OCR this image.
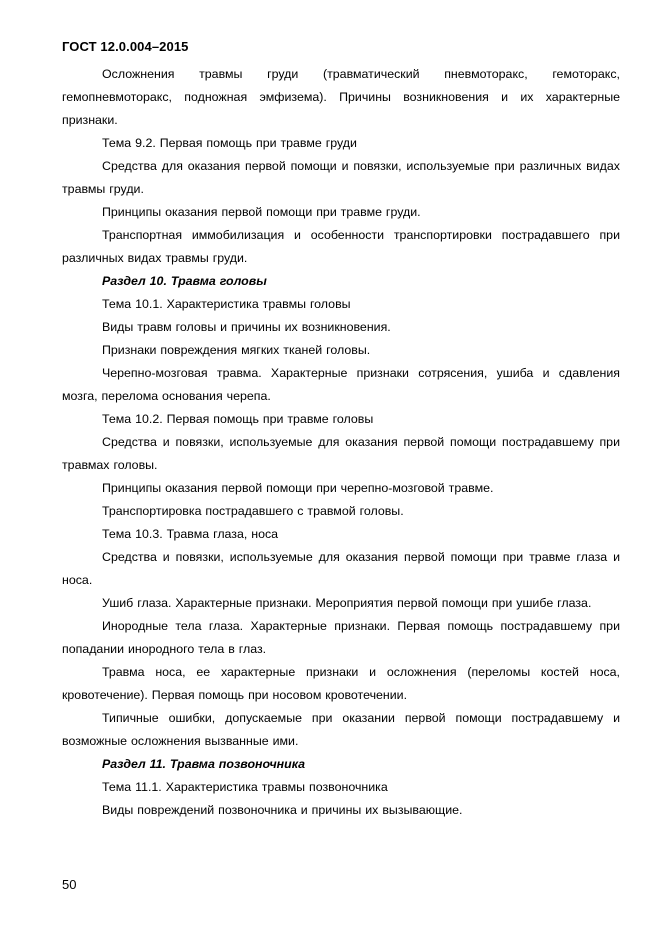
ГОСТ 12.0.004–2015

Осложнения травмы груди (травматический пневмоторакс, гемоторакс, гемопневмоторакс, подножная эмфизема). Причины возникновения и их характерные признаки.

Тема 9.2. Первая помощь при травме груди

Средства для оказания первой помощи и повязки, используемые при различных видах травмы груди.

Принципы оказания первой помощи при травме груди.

Транспортная иммобилизация и особенности транспортировки пострадавшего при различных видах травмы груди.

Раздел 10. Травма головы

Тема 10.1. Характеристика травмы головы

Виды травм головы и причины их возникновения.

Признаки повреждения мягких тканей головы.

Черепно-мозговая травма. Характерные признаки сотрясения, ушиба и сдавления мозга, перелома основания черепа.

Тема 10.2. Первая помощь при травме головы

Средства и повязки, используемые для оказания первой помощи пострадавшему при травмах головы.

Принципы оказания первой помощи при черепно-мозговой травме.

Транспортировка пострадавшего с травмой головы.

Тема 10.3. Травма глаза, носа

Средства и повязки, используемые для оказания первой помощи при травме глаза и носа.

Ушиб глаза. Характерные признаки. Мероприятия первой помощи при ушибе глаза.

Инородные тела глаза. Характерные признаки. Первая помощь пострадавшему при попадании инородного тела в глаз.

Травма носа, ее характерные признаки и осложнения (переломы костей носа, кровотечение). Первая помощь при носовом кровотечении.

Типичные ошибки, допускаемые при оказании первой помощи пострадавшему и возможные осложнения вызванные ими.

Раздел 11. Травма позвоночника

Тема 11.1. Характеристика травмы позвоночника

Виды повреждений позвоночника и причины их вызывающие.

50
